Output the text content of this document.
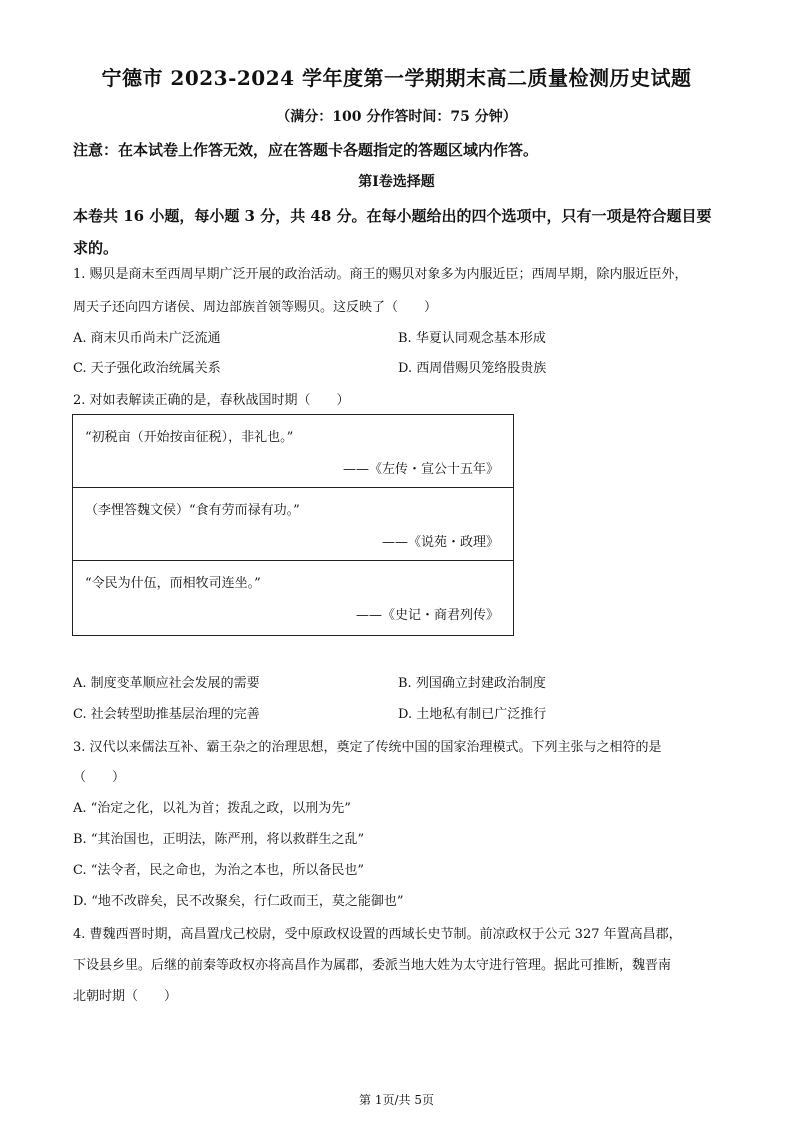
宁德市 2023-2024 学年度第一学期期末高二质量检测历史试题
（满分：100 分作答时间：75 分钟）
注意：在本试卷上作答无效，应在答题卡各题指定的答题区域内作答。
第Ⅰ卷选择题
本卷共 16 小题，每小题 3 分，共 48 分。在每小题给出的四个选项中，只有一项是符合题目要求的。
1. 赐贝是商末至西周早期广泛开展的政治活动。商王的赐贝对象多为内服近臣；西周早期，除内服近臣外，
周天子还向四方诸侯、周边部族首领等赐贝。这反映了（　　）
A. 商末贝币尚未广泛流通	B. 华夏认同观念基本形成
C. 天子强化政治统属关系	D. 西周借赐贝笼络股贵族
2. 对如表解读正确的是，春秋战国时期（　　）
“初税亩（开始按亩征税），非礼也。”
——《左传・宣公十五年》
（李悝答魏文侯）“食有劳而禄有功。”
——《说苑・政理》
“令民为什伍，而相牧司连坐。”
——《史记・商君列传》
A. 制度变革顺应社会发展的需要	B. 列国确立封建政治制度
C. 社会转型助推基层治理的完善	D. 土地私有制已广泛推行
3. 汉代以来儒法互补、霸王杂之的治理思想，奠定了传统中国的国家治理模式。下列主张与之相符的是
（　　）
A. “治定之化，以礼为首；拨乱之政，以刑为先”
B. “其治国也，正明法，陈严刑，将以救群生之乱”
C. “法令者，民之命也，为治之本也，所以备民也”
D. “地不改辟矣，民不改聚矣，行仁政而王，莫之能御也”
4. 曹魏西晋时期，高昌置戊己校尉，受中原政权设置的西域长史节制。前凉政权于公元 327 年置高昌郡，
下设县乡里。后继的前秦等政权亦将高昌作为属郡，委派当地大姓为太守进行管理。据此可推断，魏晋南
北朝时期（　　）
第 1页/共 5页
